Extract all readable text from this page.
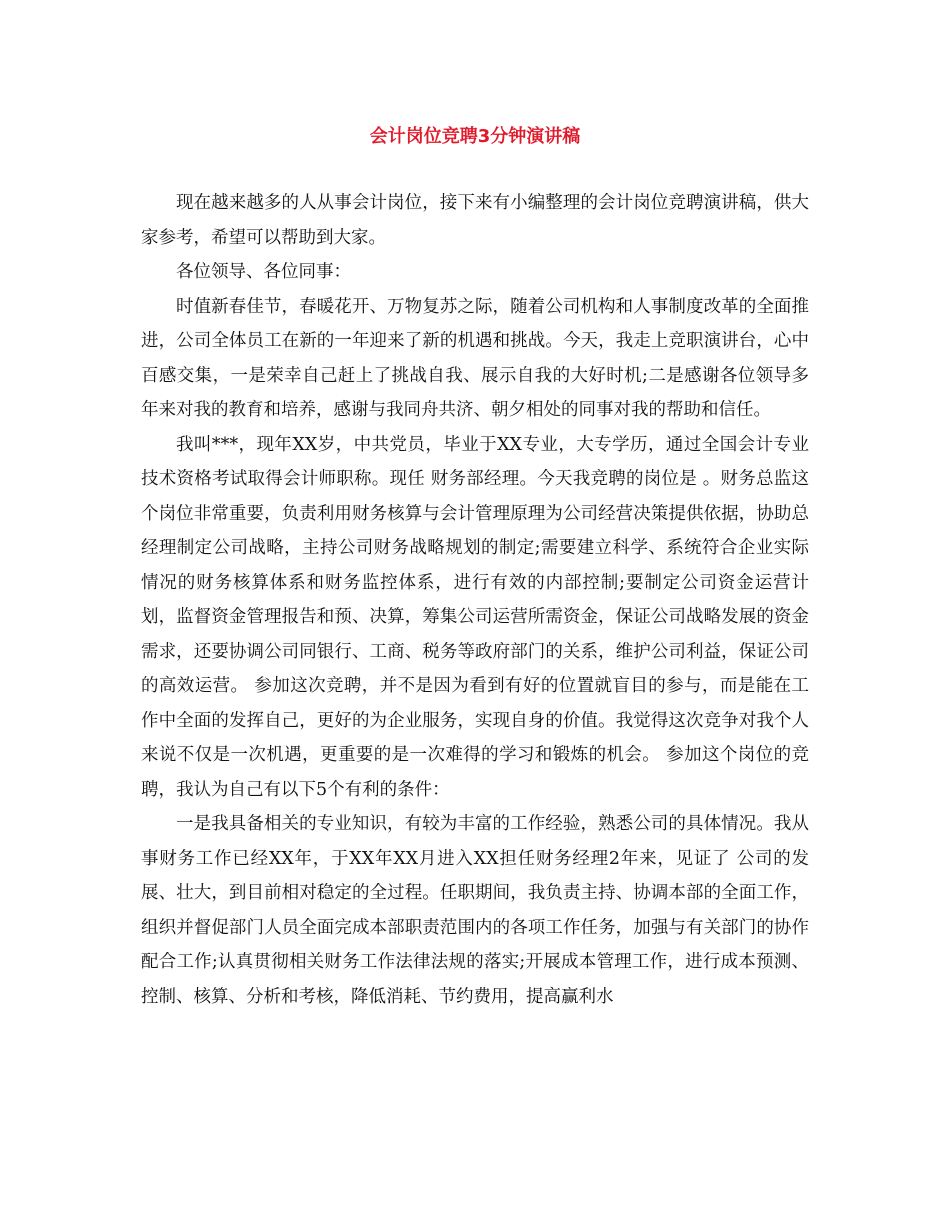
会计岗位竞聘3分钟演讲稿

现在越来越多的人从事会计岗位，接下来有小编整理的会计岗位竞聘演讲稿，供大家参考，希望可以帮助到大家。

各位领导、各位同事：

时值新春佳节，春暖花开、万物复苏之际，随着公司机构和人事制度改革的全面推进，公司全体员工在新的一年迎来了新的机遇和挑战。今天，我走上竞职演讲台，心中百感交集，一是荣幸自己赶上了挑战自我、展示自我的大好时机;二是感谢各位领导多年来对我的教育和培养，感谢与我同舟共济、朝夕相处的同事对我的帮助和信任。

我叫***，现年XX岁，中共党员，毕业于XX专业，大专学历，通过全国会计专业技术资格考试取得会计师职称。现任 财务部经理。今天我竞聘的岗位是 。财务总监这个岗位非常重要，负责利用财务核算与会计管理原理为公司经营决策提供依据，协助总经理制定公司战略，主持公司财务战略规划的制定;需要建立科学、系统符合企业实际情况的财务核算体系和财务监控体系，进行有效的内部控制;要制定公司资金运营计划，监督资金管理报告和预、决算，筹集公司运营所需资金，保证公司战略发展的资金需求，还要协调公司同银行、工商、税务等政府部门的关系，维护公司利益，保证公司的高效运营。 参加这次竞聘，并不是因为看到有好的位置就盲目的参与，而是能在工作中全面的发挥自己，更好的为企业服务，实现自身的价值。我觉得这次竞争对我个人来说不仅是一次机遇，更重要的是一次难得的学习和锻炼的机会。 参加这个岗位的竞聘，我认为自己有以下5个有利的条件：

一是我具备相关的专业知识，有较为丰富的工作经验，熟悉公司的具体情况。我从事财务工作已经XX年，于XX年XX月进入XX担任财务经理2年来，见证了 公司的发展、壮大，到目前相对稳定的全过程。任职期间，我负责主持、协调本部的全面工作，组织并督促部门人员全面完成本部职责范围内的各项工作任务，加强与有关部门的协作配合工作;认真贯彻相关财务工作法律法规的落实;开展成本管理工作，进行成本预测、控制、核算、分析和考核，降低消耗、节约费用，提高赢利水
